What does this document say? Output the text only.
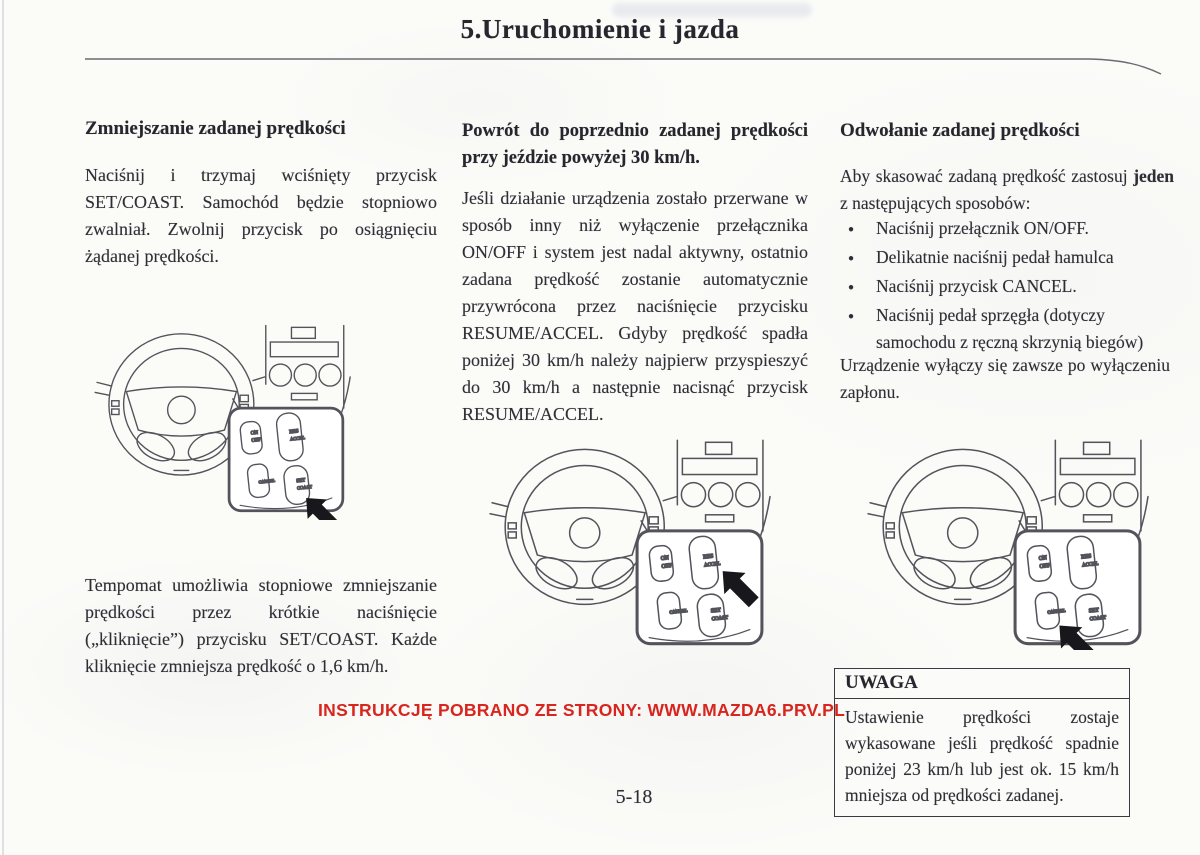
5.Uruchomienie i jazda
Zmniejszanie zadanej prędkości
Naciśnij i trzymaj wciśnięty przycisk SET/COAST. Samochód będzie stopniowo zwalniał. Zwolnij przycisk po osiągnięciu żądanej prędkości.
Tempomat umożliwia stopniowe zmniejszanie prędkości przez krótkie naciśnięcie („kliknięcie”) przycisku SET/COAST. Każde kliknięcie zmniejsza prędkość o 1,6 km/h.
Powrót do poprzednio zadanej prędkości przy jeździe powyżej 30 km/h.
Jeśli działanie urządzenia zostało przerwane w sposób inny niż wyłączenie przełącznika ON/OFF i system jest nadal aktywny, ostatnio zadana prędkość zostanie automatycznie przywrócona przez naciśnięcie przycisku RESUME/ACCEL. Gdyby prędkość spadła poniżej 30 km/h należy najpierw przyspieszyć do 30 km/h a następnie nacisnąć przycisk RESUME/ACCEL.
Odwołanie zadanej prędkości
Aby skasować zadaną prędkość zastosuj jeden z następujących sposobów:
● Naciśnij przełącznik ON/OFF.
● Delikatnie naciśnij pedał hamulca
● Naciśnij przycisk CANCEL.
● Naciśnij pedał sprzęgła (dotyczy samochodu z ręczną skrzynią biegów)
Urządzenie wyłączy się zawsze po wyłączeniu zapłonu.
UWAGA
Ustawienie prędkości zostaje wykasowane jeśli prędkość spadnie poniżej 23 km/h lub jest ok. 15 km/h mniejsza od prędkości zadanej.
INSTRUKCJĘ POBRANO ZE STRONY: WWW.MAZDA6.PRV.PL
5-18
